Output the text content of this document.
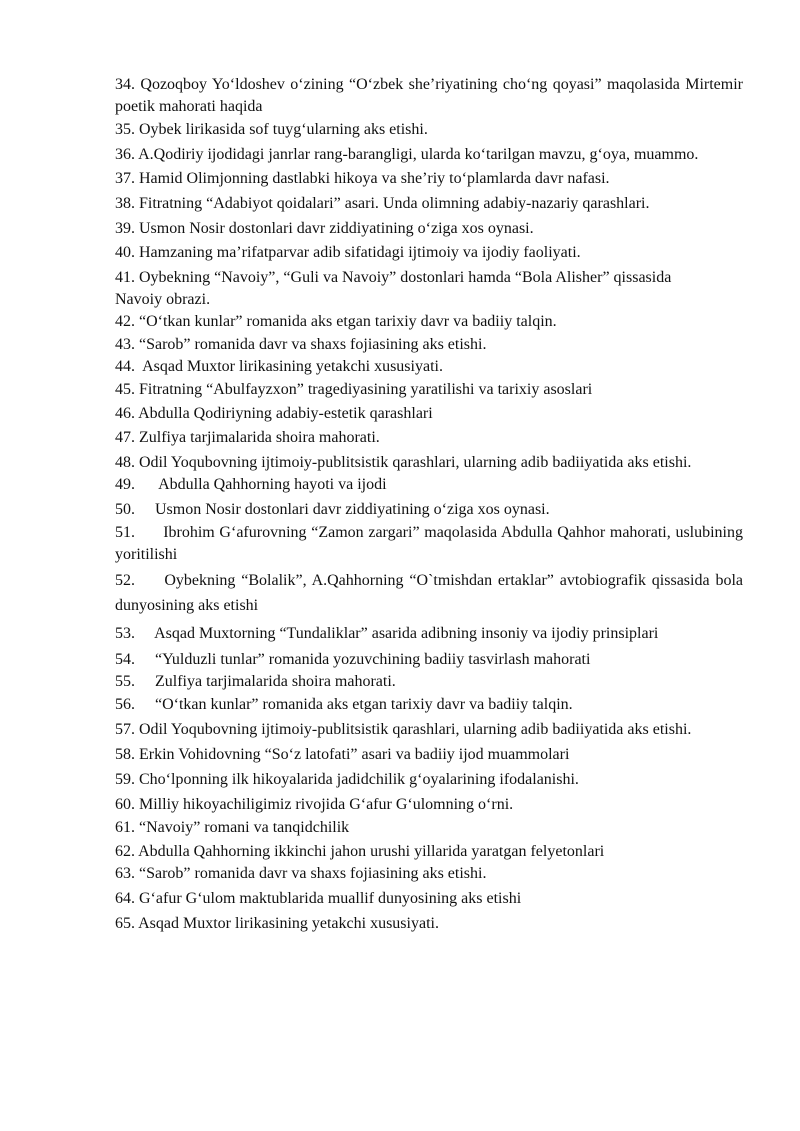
34. Qozoqboy Yo‘ldoshev o‘zining “O‘zbek she’riyatining cho‘ng qoyasi” maqolasida Mirtemir poetik mahorati haqida

35. Oybek lirikasida sof tuyg‘ularning aks etishi.

36. A.Qodiriy ijodidagi janrlar rang-barangligi, ularda ko‘tarilgan mavzu, g‘oya, muammo.

37. Hamid Olimjonning dastlabki hikoya va she’riy to‘plamlarda davr nafasi.

38. Fitratning “Adabiyot qoidalari” asari. Unda olimning adabiy-nazariy qarashlari.

39. Usmon Nosir dostonlari davr ziddiyatining o‘ziga xos oynasi.

40. Hamzaning ma’rifatparvar adib sifatidagi ijtimoiy va ijodiy faoliyati.

41. Oybekning “Navoiy”, “Guli va Navoiy” dostonlari hamda “Bola Alisher” qissasida Navoiy obrazi.

42. “O‘tkan kunlar” romanida aks etgan tarixiy davr va badiiy talqin.

43. “Sarob” romanida davr va shaxs fojiasining aks etishi.

44.  Asqad Muxtor lirikasining yetakchi xususiyati.

45. Fitratning “Abulfayzxon” tragediyasining yaratilishi va tarixiy asoslari

46. Abdulla Qodiriyning adabiy-estetik qarashlari

47. Zulfiya tarjimalarida shoira mahorati.

48. Odil Yoqubovning ijtimoiy-publitsistik qarashlari, ularning adib badiiyatida aks etishi.

49.      Abdulla Qahhorning hayoti va ijodi

50.     Usmon Nosir dostonlari davr ziddiyatining o‘ziga xos oynasi.

51.      Ibrohim G‘afurovning “Zamon zargari” maqolasida Abdulla Qahhor mahorati, uslubining yoritilishi

52.     Oybekning “Bolalik”, A.Qahhorning “O`tmishdan ertaklar” avtobiografik qissasida bola dunyosining aks etishi

53.     Asqad Muxtorning “Tundaliklar” asarida adibning insoniy va ijodiy prinsiplari

54.     “Yulduzli tunlar” romanida yozuvchining badiiy tasvirlash mahorati

55.     Zulfiya tarjimalarida shoira mahorati.

56.     “O‘tkan kunlar” romanida aks etgan tarixiy davr va badiiy talqin.

57. Odil Yoqubovning ijtimoiy-publitsistik qarashlari, ularning adib badiiyatida aks etishi.

58. Erkin Vohidovning “So‘z latofati” asari va badiiy ijod muammolari

59. Cho‘lponning ilk hikoyalarida jadidchilik g‘oyalarining ifodalanishi.

60. Milliy hikoyachiligimiz rivojida G‘afur G‘ulomning o‘rni.

61. “Navoiy” romani va tanqidchilik

62. Abdulla Qahhorning ikkinchi jahon urushi yillarida yaratgan felyetonlari

63. “Sarob” romanida davr va shaxs fojiasining aks etishi.

64. G‘afur G‘ulom maktublarida muallif dunyosining aks etishi

65. Asqad Muxtor lirikasining yetakchi xususiyati.
